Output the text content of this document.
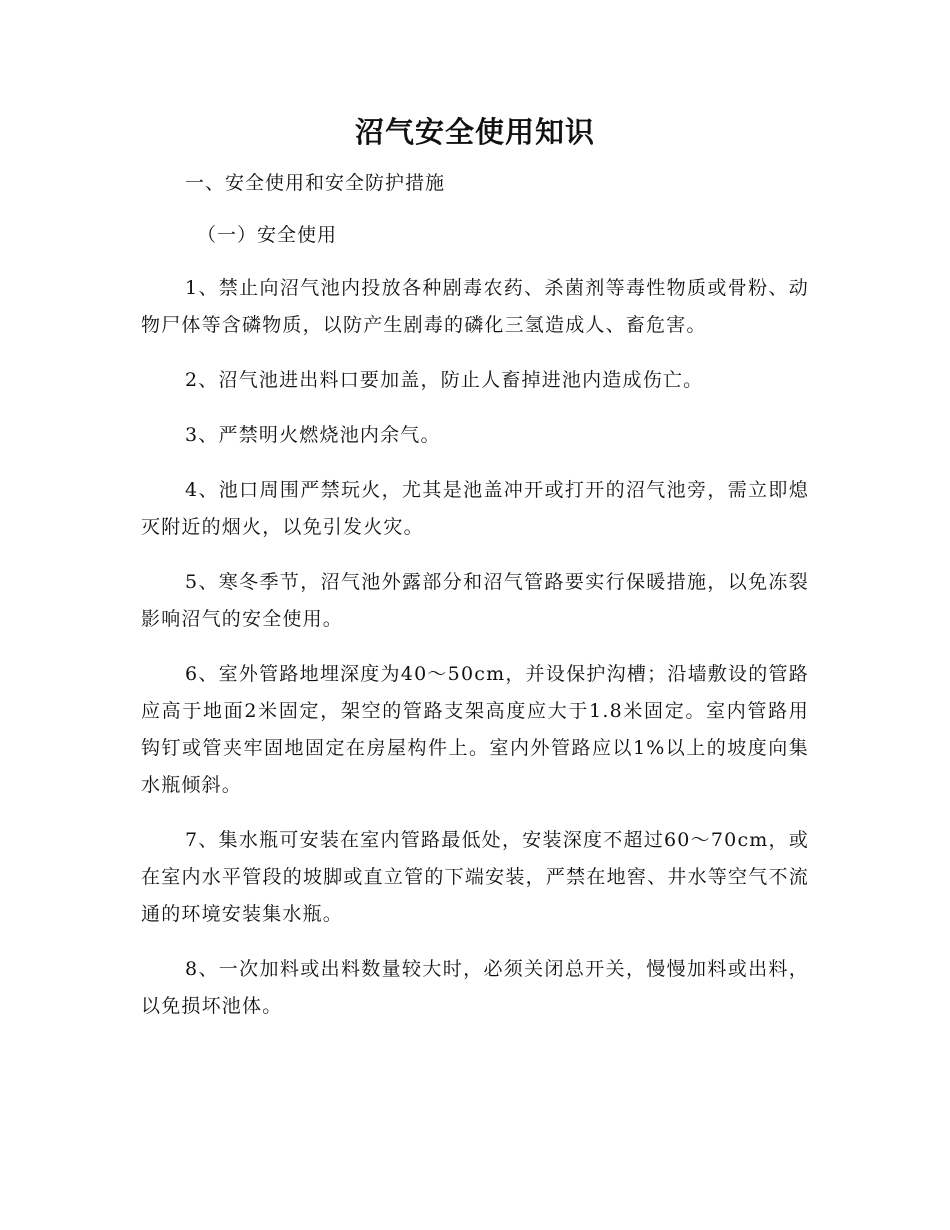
沼气安全使用知识

一、安全使用和安全防护措施

（一）安全使用

1、禁止向沼气池内投放各种剧毒农药、杀菌剂等毒性物质或骨粉、动物尸体等含磷物质，以防产生剧毒的磷化三氢造成人、畜危害。

2、沼气池进出料口要加盖，防止人畜掉进池内造成伤亡。

3、严禁明火燃烧池内余气。

4、池口周围严禁玩火，尤其是池盖冲开或打开的沼气池旁，需立即熄灭附近的烟火，以免引发火灾。

5、寒冬季节，沼气池外露部分和沼气管路要实行保暖措施，以免冻裂影响沼气的安全使用。

6、室外管路地埋深度为40～50cm，并设保护沟槽；沿墙敷设的管路应高于地面2米固定，架空的管路支架高度应大于1.8米固定。室内管路用钩钉或管夹牢固地固定在房屋构件上。室内外管路应以1%以上的坡度向集水瓶倾斜。

7、集水瓶可安装在室内管路最低处，安装深度不超过60～70cm，或在室内水平管段的坡脚或直立管的下端安装，严禁在地窖、井水等空气不流通的环境安装集水瓶。

8、一次加料或出料数量较大时，必须关闭总开关，慢慢加料或出料，以免损坏池体。
